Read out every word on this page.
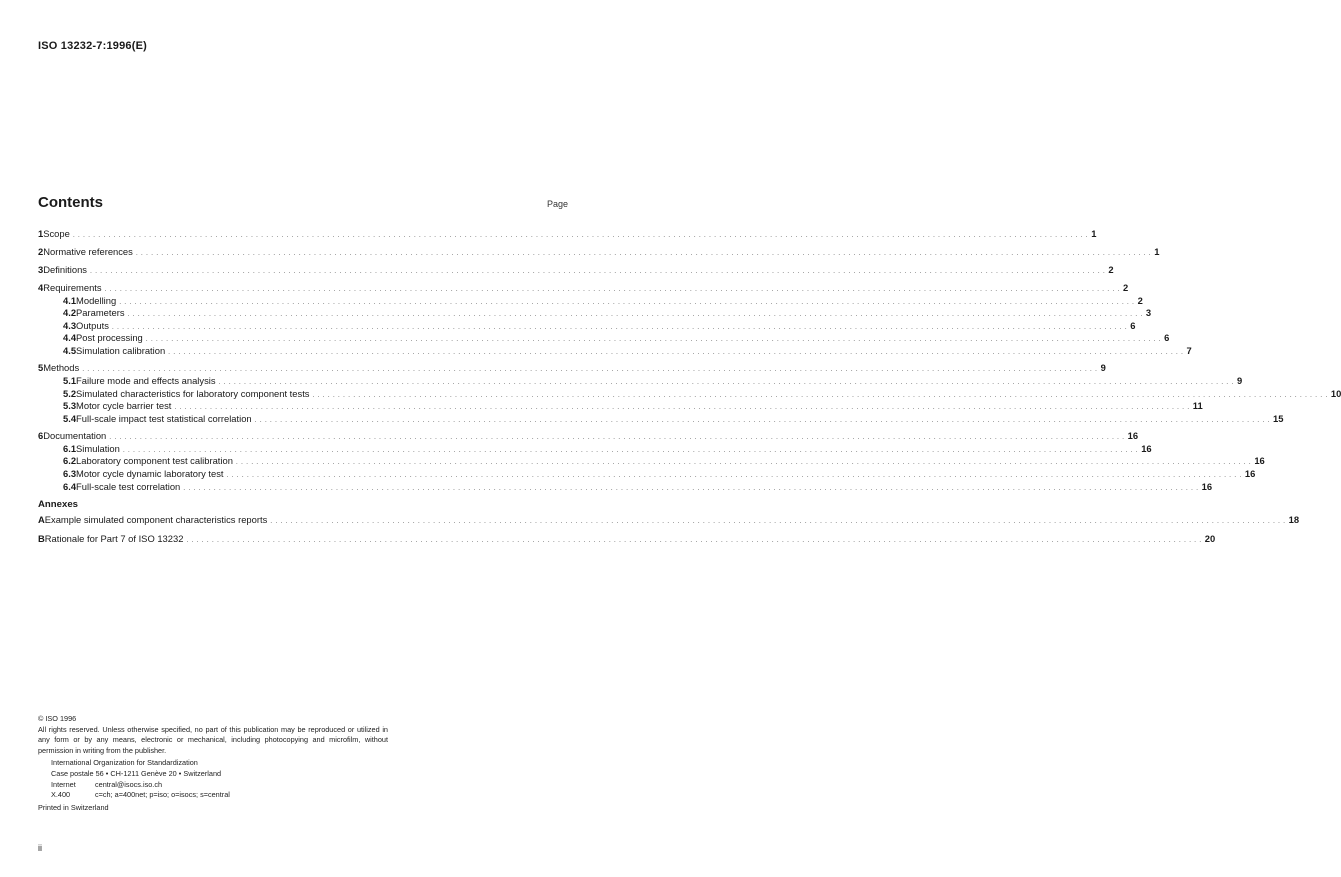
ISO 13232-7:1996(E)
Contents	Page
1 Scope . . . . . . . . . . . . . . . . . . . . . . . . . . . . . . . . . . . . . . . . . . . . . . . . . . . . . . . . . . . . . . . . . . . . . . . . . . . . . . . . . . . . . . . . . . . . . . . . . . . . . . . . . . . . . . . . . . . . . . . . . . . . . . . . . . . . . . . . . . . . . . . . . . . . . . . . . . . . . . . . . . . . . . . . . . . . . . . . . . . . . . . . . . . . . . . . . . . . . . . . 1
2 Normative references . . . . . . . . . . . . . . . . . . . . . . . . . . . . . . . . . . . . . . . . . . . . . . . . . . . . . . . . . . . . . . . . . . . . . . . . . . . . . . . . . . . . . . . . . . . . . . . . . . . . . . . . . . . . . . . . . . . . . . . . . . . . . . . . . . . . . . . . . . . . . . . . . . . . . . . . . . . . . . . . . . . . . . . . . . . . . . . . . . . . . . . . . . . . . . . . . . . . . . . . 1
3 Definitions . . . . . . . . . . . . . . . . . . . . . . . . . . . . . . . . . . . . . . . . . . . . . . . . . . . . . . . . . . . . . . . . . . . . . . . . . . . . . . . . . . . . . . . . . . . . . . . . . . . . . . . . . . . . . . . . . . . . . . . . . . . . . . . . . . . . . . . . . . . . . . . . . . . . . . . . . . . . . . . . . . . . . . . . . . . . . . . . . . . . . . . . . . . . . . . . . . . . . . . . 2
4 Requirements . . . . . . . . . . . . . . . . . . . . . . . . . . . . . . . . . . . . . . . . . . . . . . . . . . . . . . . . . . . . . . . . . . . . . . . . . . . . . . . . . . . . . . . . . . . . . . . . . . . . . . . . . . . . . . . . . . . . . . . . . . . . . . . . . . . . . . . . . . . . . . . . . . . . . . . . . . . . . . . . . . . . . . . . . . . . . . . . . . . . . . . . . . . . . . . . . . . . . . . . 2
4.1 Modelling . . . . . . . . . . . . . . . . . . . . . . . . . . . . . . . . . . . . . . . . . . . . . . . . . . . . . . . . . . . . . . . . . . . . . . . . . . . . . . . . . . . . . . . . . . . . . . . . . . . . . . . . . . . . . . . . . . . . . . . . . . . . . . . . . . . . . . . . . . . . . . . . . . . . . . . . . . . . . . . . . . . . . . . . . . . . . . . . . . . . . . . . . . . . . . . . . . . . . . . . 2
4.2 Parameters . . . . . . . . . . . . . . . . . . . . . . . . . . . . . . . . . . . . . . . . . . . . . . . . . . . . . . . . . . . . . . . . . . . . . . . . . . . . . . . . . . . . . . . . . . . . . . . . . . . . . . . . . . . . . . . . . . . . . . . . . . . . . . . . . . . . . . . . . . . . . . . . . . . . . . . . . . . . . . . . . . . . . . . . . . . . . . . . . . . . . . . . . . . . . . . . . . . . . . . . 3
4.3 Outputs . . . . . . . . . . . . . . . . . . . . . . . . . . . . . . . . . . . . . . . . . . . . . . . . . . . . . . . . . . . . . . . . . . . . . . . . . . . . . . . . . . . . . . . . . . . . . . . . . . . . . . . . . . . . . . . . . . . . . . . . . . . . . . . . . . . . . . . . . . . . . . . . . . . . . . . . . . . . . . . . . . . . . . . . . . . . . . . . . . . . . . . . . . . . . . . . . . . . . . . . 6
4.4 Post processing . . . . . . . . . . . . . . . . . . . . . . . . . . . . . . . . . . . . . . . . . . . . . . . . . . . . . . . . . . . . . . . . . . . . . . . . . . . . . . . . . . . . . . . . . . . . . . . . . . . . . . . . . . . . . . . . . . . . . . . . . . . . . . . . . . . . . . . . . . . . . . . . . . . . . . . . . . . . . . . . . . . . . . . . . . . . . . . . . . . . . . . . . . . . . . . . . . . . . . . . 6
4.5 Simulation calibration . . . . . . . . . . . . . . . . . . . . . . . . . . . . . . . . . . . . . . . . . . . . . . . . . . . . . . . . . . . . . . . . . . . . . . . . . . . . . . . . . . . . . . . . . . . . . . . . . . . . . . . . . . . . . . . . . . . . . . . . . . . . . . . . . . . . . . . . . . . . . . . . . . . . . . . . . . . . . . . . . . . . . . . . . . . . . . . . . . . . . . . . . . . . . . . . . . . . . . . . 7
5 Methods . . . . . . . . . . . . . . . . . . . . . . . . . . . . . . . . . . . . . . . . . . . . . . . . . . . . . . . . . . . . . . . . . . . . . . . . . . . . . . . . . . . . . . . . . . . . . . . . . . . . . . . . . . . . . . . . . . . . . . . . . . . . . . . . . . . . . . . . . . . . . . . . . . . . . . . . . . . . . . . . . . . . . . . . . . . . . . . . . . . . . . . . . . . . . . . . . . . . . . . . 9
5.1 Failure mode and effects analysis . . . . . . . . . . . . . . . . . . . . . . . . . . . . . . . . . . . . . . . . . . . . . . . . . . . . . . . . . . . . . . . . . . . . . . . . . . . . . . . . . . . . . . . . . . . . . . . . . . . . . . . . . . . . . . . . . . . . . . . . . . . . . . . . . . . . . . . . . . . . . . . . . . . . . . . . . . . . . . . . . . . . . . . . . . . . . . . . . . . . . . . . . . . . . . . . . . . . . . . . 9
5.2 Simulated characteristics for laboratory component tests . . . . . . . . . . . . . . . . . . . . . . . . . . . . . . . . . . . . . . . . . . . . . . . . . . . . . . . . . . . . . . . . . . . . . . . . . . . . . . . . . . . . . . . . . . . . . . . . . . . . . . . . . . . . . . . . . . . . . . . . . . . . . . . . . . . . . . . . . . . . . . . . . . . . . . . . . . . . . . . . . . . . . . . . . . . . . . . . . . . . . . . . . . . . . . . . . . . . . . . . 10
5.3 Motor cycle barrier test . . . . . . . . . . . . . . . . . . . . . . . . . . . . . . . . . . . . . . . . . . . . . . . . . . . . . . . . . . . . . . . . . . . . . . . . . . . . . . . . . . . . . . . . . . . . . . . . . . . . . . . . . . . . . . . . . . . . . . . . . . . . . . . . . . . . . . . . . . . . . . . . . . . . . . . . . . . . . . . . . . . . . . . . . . . . . . . . . . . . . . . . . . . . . . . . . . . . . . . . 11
5.4 Full-scale impact test statistical correlation . . . . . . . . . . . . . . . . . . . . . . . . . . . . . . . . . . . . . . . . . . . . . . . . . . . . . . . . . . . . . . . . . . . . . . . . . . . . . . . . . . . . . . . . . . . . . . . . . . . . . . . . . . . . . . . . . . . . . . . . . . . . . . . . . . . . . . . . . . . . . . . . . . . . . . . . . . . . . . . . . . . . . . . . . . . . . . . . . . . . . . . . . . . . . . . . . . . . . . . . 15
6 Documentation . . . . . . . . . . . . . . . . . . . . . . . . . . . . . . . . . . . . . . . . . . . . . . . . . . . . . . . . . . . . . . . . . . . . . . . . . . . . . . . . . . . . . . . . . . . . . . . . . . . . . . . . . . . . . . . . . . . . . . . . . . . . . . . . . . . . . . . . . . . . . . . . . . . . . . . . . . . . . . . . . . . . . . . . . . . . . . . . . . . . . . . . . . . . . . . . . . . . . . . . 16
6.1 Simulation . . . . . . . . . . . . . . . . . . . . . . . . . . . . . . . . . . . . . . . . . . . . . . . . . . . . . . . . . . . . . . . . . . . . . . . . . . . . . . . . . . . . . . . . . . . . . . . . . . . . . . . . . . . . . . . . . . . . . . . . . . . . . . . . . . . . . . . . . . . . . . . . . . . . . . . . . . . . . . . . . . . . . . . . . . . . . . . . . . . . . . . . . . . . . . . . . . . . . . . . 16
6.2 Laboratory component test calibration . . . . . . . . . . . . . . . . . . . . . . . . . . . . . . . . . . . . . . . . . . . . . . . . . . . . . . . . . . . . . . . . . . . . . . . . . . . . . . . . . . . . . . . . . . . . . . . . . . . . . . . . . . . . . . . . . . . . . . . . . . . . . . . . . . . . . . . . . . . . . . . . . . . . . . . . . . . . . . . . . . . . . . . . . . . . . . . . . . . . . . . . . . . . . . . . . . . . . . . . 16
6.3 Motor cycle dynamic laboratory test . . . . . . . . . . . . . . . . . . . . . . . . . . . . . . . . . . . . . . . . . . . . . . . . . . . . . . . . . . . . . . . . . . . . . . . . . . . . . . . . . . . . . . . . . . . . . . . . . . . . . . . . . . . . . . . . . . . . . . . . . . . . . . . . . . . . . . . . . . . . . . . . . . . . . . . . . . . . . . . . . . . . . . . . . . . . . . . . . . . . . . . . . . . . . . . . . . . . . . . . 16
6.4 Full-scale test correlation . . . . . . . . . . . . . . . . . . . . . . . . . . . . . . . . . . . . . . . . . . . . . . . . . . . . . . . . . . . . . . . . . . . . . . . . . . . . . . . . . . . . . . . . . . . . . . . . . . . . . . . . . . . . . . . . . . . . . . . . . . . . . . . . . . . . . . . . . . . . . . . . . . . . . . . . . . . . . . . . . . . . . . . . . . . . . . . . . . . . . . . . . . . . . . . . . . . . . . . . 16
Annexes
A Example simulated component characteristics reports . . . . . . . . . . . . . . . . . . . . . . . . . . . . . . . . . . . . . . . . . . . . . . . . . . . . . . . . . . . . . . . . . . . . . . . . . . . . . . . . . . . . . . . . . . . . . . . . . . . . . . . . . . . . . . . . . . . . . . . . . . . . . . . . . . . . . . . . . . . . . . . . . . . . . . . . . . . . . . . . . . . . . . . . . . . . . . . . . . . . . . . . . . . . . . . . . . . . . . . . 18
B Rationale for Part 7 of ISO 13232 . . . . . . . . . . . . . . . . . . . . . . . . . . . . . . . . . . . . . . . . . . . . . . . . . . . . . . . . . . . . . . . . . . . . . . . . . . . . . . . . . . . . . . . . . . . . . . . . . . . . . . . . . . . . . . . . . . . . . . . . . . . . . . . . . . . . . . . . . . . . . . . . . . . . . . . . . . . . . . . . . . . . . . . . . . . . . . . . . . . . . . . . . . . . . . . . . . . . . . . . 20
© ISO 1996
All rights reserved. Unless otherwise specified, no part of this publication may be reproduced or utilized in any form or by any means, electronic or mechanical, including photocopying and microfilm, without permission in writing from the publisher.
International Organization for Standardization
Case postale 56 • CH-1211 Genève 20 • Switzerland
Internet	central@isocs.iso.ch
X.400	c=ch; a=400net; p=iso; o=isocs; s=central
Printed in Switzerland
ii
